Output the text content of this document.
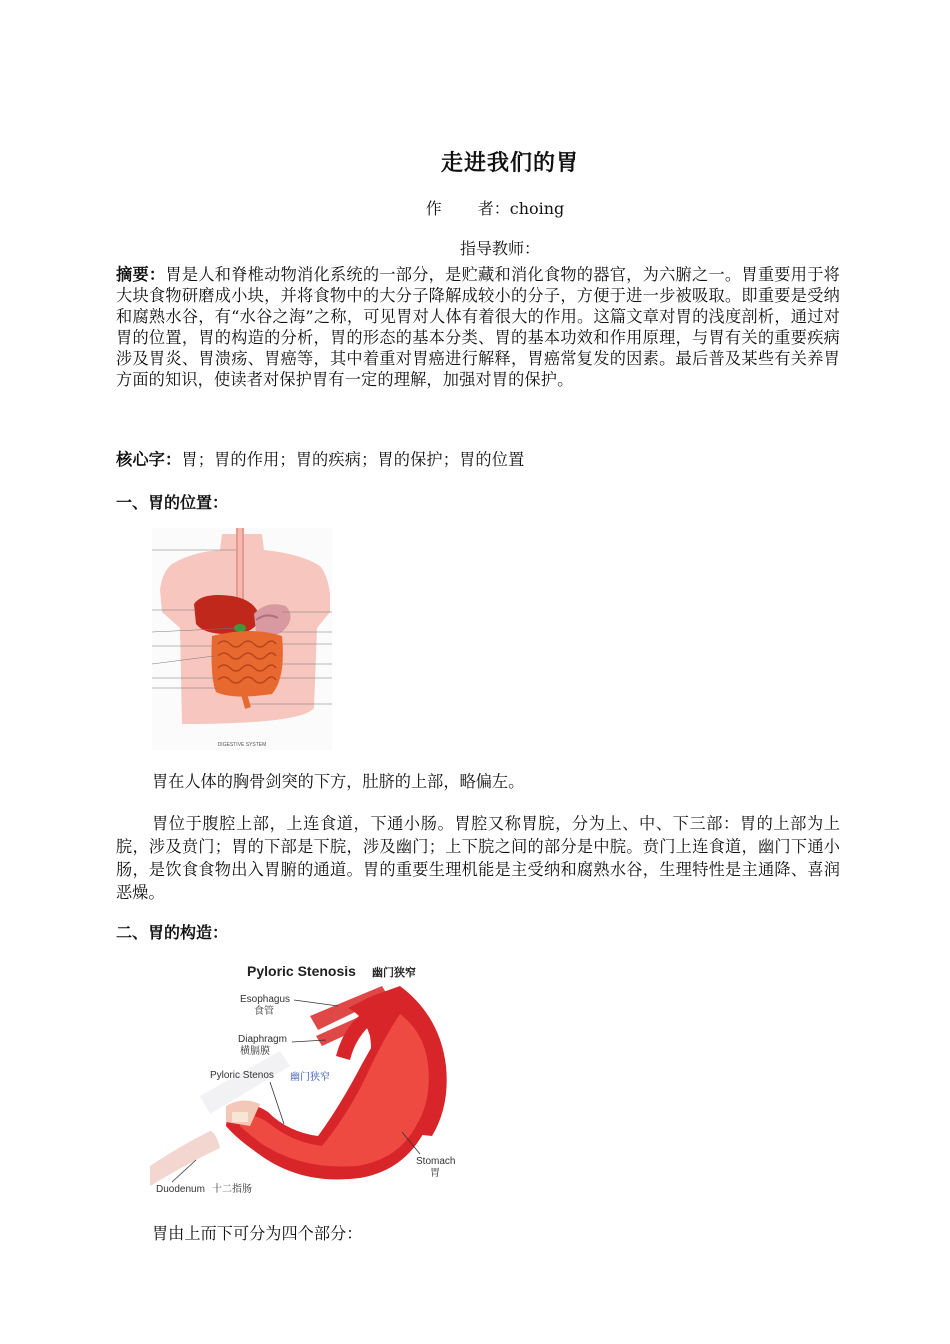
走进我们的胃
作 者：choing
指导教师：
摘要：胃是人和脊椎动物消化系统的一部分，是贮藏和消化食物的器官，为六腑之一。胃重要用于将大块食物研磨成小块，并将食物中的大分子降解成较小的分子，方便于进一步被吸取。即重要是受纳和腐熟水谷，有“水谷之海”之称，可见胃对人体有着很大的作用。这篇文章对胃的浅度剖析，通过对胃的位置，胃的构造的分析，胃的形态的基本分类、胃的基本功效和作用原理，与胃有关的重要疾病涉及胃炎、胃溃疡、胃癌等，其中着重对胃癌进行解释，胃癌常复发的因素。最后普及某些有关养胃方面的知识，使读者对保护胃有一定的理解，加强对胃的保护。
核心字：胃；胃的作用；胃的疾病；胃的保护；胃的位置
一、胃的位置：
DIGESTIVE SYSTEM
胃在人体的胸骨剑突的下方，肚脐的上部，略偏左。
胃位于腹腔上部，上连食道，下通小肠。胃腔又称胃脘，分为上、中、下三部：胃的上部为上脘，涉及贲门；胃的下部是下脘，涉及幽门；上下脘之间的部分是中脘。贲门上连食道，幽门下通小肠，是饮食食物出入胃腑的通道。胃的重要生理机能是主受纳和腐熟水谷，生理特性是主通降、喜润恶燥。
二、胃的构造：
Pyloric Stenosis 幽门狭窄
Esophagus
食管
Diaphragm
横膈膜
Pyloric Stenos 幽门狭窄
Stomach
胃
Duodenum 十二指肠
胃由上而下可分为四个部分：
